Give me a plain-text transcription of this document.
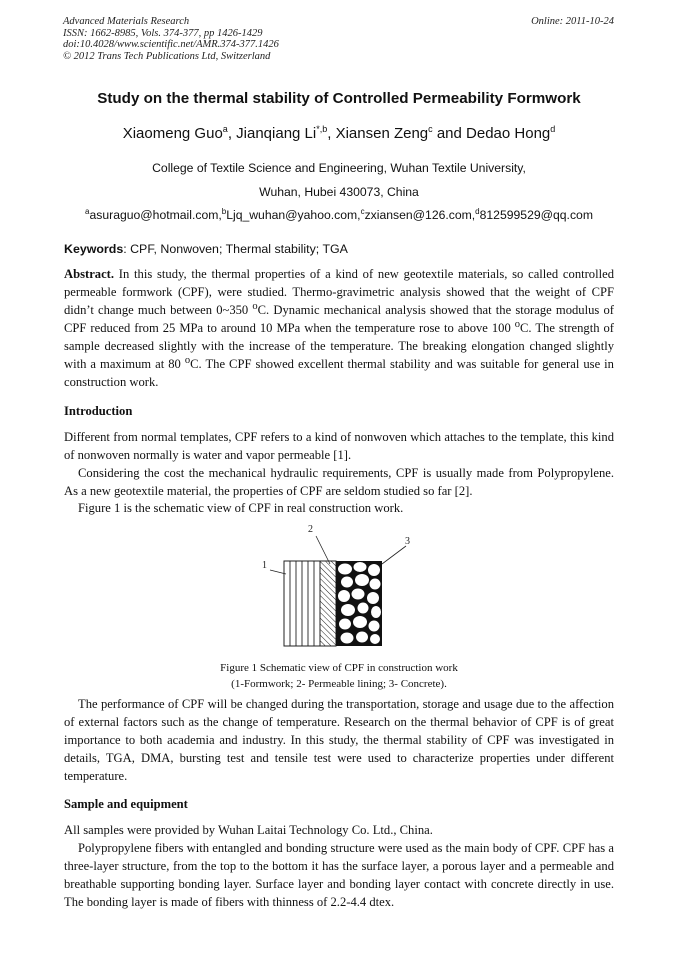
Advanced Materials Research
ISSN: 1662-8985, Vols. 374-377, pp 1426-1429
doi:10.4028/www.scientific.net/AMR.374-377.1426
© 2012 Trans Tech Publications Ltd, Switzerland
Online: 2011-10-24
Study on the thermal stability of Controlled Permeability Formwork
Xiaomeng Guo$^a$, Jianqiang $Li^{*,b}$, Xiansen Zeng$^c$ and Dedao Hong$^d$
College of Textile Science and Engineering, Wuhan Textile University,
Wuhan, Hubei 430073, China
$^a$asuraguo@hotmail.com,$^b$Ljq_wuhan@yahoo.com,$^c$zxiansen@126.com,$^d$812599529@qq.com
Keywords: CPF, Nonwoven; Thermal stability; TGA
Abstract. In this study, the thermal properties of a kind of new geotextile materials, so called controlled permeable formwork (CPF), were studied. Thermo-gravimetric analysis showed that the weight of CPF didn’t change much between 0~350 $^o$C. Dynamic mechanical analysis showed that the storage modulus of CPF reduced from 25 MPa to around 10 MPa when the temperature rose to above 100 $^o$C. The strength of sample decreased slightly with the increase of the temperature. The breaking elongation changed slightly with a maximum at 80 $^o$C. The CPF showed excellent thermal stability and was suitable for general use in construction work.
Introduction
Different from normal templates, CPF refers to a kind of nonwoven which attaches to the template, this kind of nonwoven normally is water and vapor permeable [1].
Considering the cost the mechanical hydraulic requirements, CPF is usually made from Polypropylene. As a new geotextile material, the properties of CPF are seldom studied so far [2].
Figure 1 is the schematic view of CPF in real construction work.
1
2
3
Figure 1 Schematic view of CPF in construction work
(1-Formwork; 2- Permeable lining; 3- Concrete).
The performance of CPF will be changed during the transportation, storage and usage due to the affection of external factors such as the change of temperature. Research on the thermal behavior of CPF is of great importance to both academia and industry. In this study, the thermal stability of CPF was investigated in details, TGA, DMA, bursting test and tensile test were used to characterize properties under different temperature.
Sample and equipment
All samples were provided by Wuhan Laitai Technology Co. Ltd., China.
Polypropylene fibers with entangled and bonding structure were used as the main body of CPF. CPF has a three-layer structure, from the top to the bottom it has the surface layer, a porous layer and a permeable and breathable supporting bonding layer. Surface layer and bonding layer contact with concrete directly in use. The bonding layer is made of fibers with thinness of 2.2-4.4 dtex.
